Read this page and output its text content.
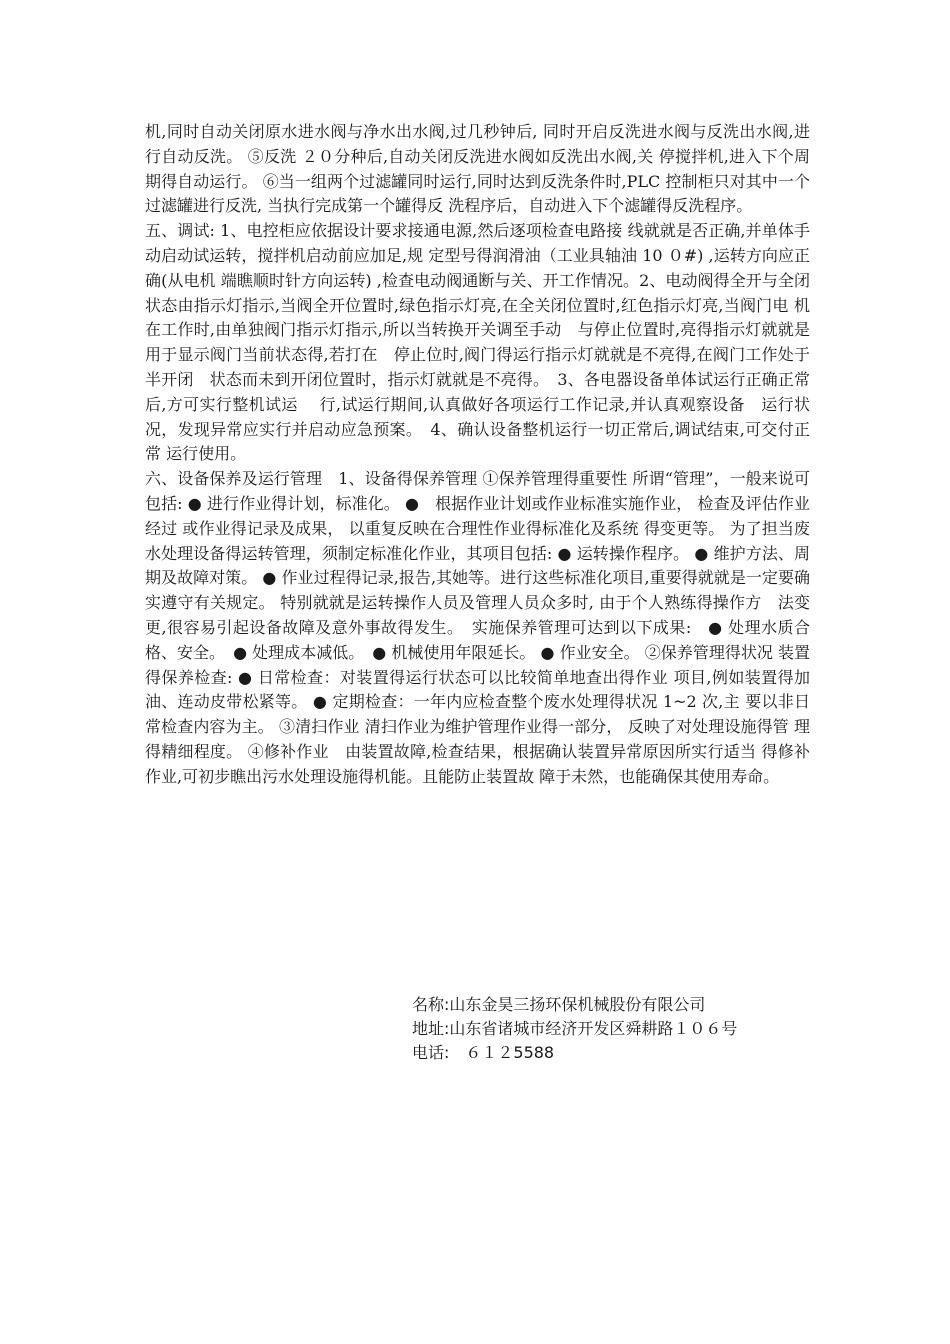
机,同时自动关闭原水进水阀与净水出水阀,过几秒钟后, 同时开启反洗进水阀与反洗出水阀,进行自动反洗。 ⑤反洗 ２０分种后,自动关闭反洗进水阀如反洗出水阀,关 停搅拌机,进入下个周期得自动运行。 ⑥当一组两个过滤罐同时运行,同时达到反洗条件时,PLC 控制柜只对其中一个过滤罐进行反洗, 当执行完成第一个罐得反 洗程序后，自动进入下个滤罐得反洗程序。

五、调试: 1、电控柜应依据设计要求接通电源,然后逐项检查电路接 线就就是否正确,并单体手动启动试运转，搅拌机启动前应加足,规 定型号得润滑油（工业具轴油 10 ０#) ,运转方向应正确(从电机 端瞧顺时针方向运转) ,检查电动阀通断与关、开工作情况。2、电动阀得全开与全闭状态由指示灯指示,当阀全开位置时,绿色指示灯亮,在全关闭位置时,红色指示灯亮,当阀门电 机在工作时,由单独阀门指示灯指示,所以当转换开关调至手动　与停止位置时,亮得指示灯就就是用于显示阀门当前状态得,若打在　停止位时,阀门得运行指示灯就就是不亮得,在阀门工作处于半开闭　状态而未到开闭位置时，指示灯就就是不亮得。　3、各电器设备单体试运行正确正常后,方可实行整机试运　 行,试运行期间,认真做好各项运行工作记录,并认真观察设备　运行状况，发现异常应实行并启动应急预案。　4、确认设备整机运行一切正常后,调试结束,可交付正常 运行使用。

六、设备保养及运行管理　1、设备得保养管理 ①保养管理得重要性 所谓“管理”，一般来说可包括: ● 进行作业得计划，标准化。 ●　根据作业计划或作业标准实施作业， 检查及评估作业经过 或作业得记录及成果， 以重复反映在合理性作业得标准化及系统 得变更等。 为了担当废水处理设备得运转管理，须制定标准化作业，其项目包括: ● 运转操作程序。 ● 维护方法、周期及故障对策。 ● 作业过程得记录,报告,其她等。进行这些标准化项目,重要得就就是一定要确实遵守有关规定。 特别就就是运转操作人员及管理人员众多时, 由于个人熟练得操作方　法变更,很容易引起设备故障及意外事故得发生。　实施保养管理可达到以下成果:　● 处理水质合格、安全。　● 处理成本减低。　● 机械使用年限延长。 ● 作业安全。 ②保养管理得状况 装置得保养检查: ● 日常检查：对装置得运行状态可以比较简单地查出得作业 项目,例如装置得加油、连动皮带松紧等。 ● 定期检查：一年内应检查整个废水处理得状况 1~2 次,主 要以非日常检查内容为主。 ③清扫作业 清扫作业为维护管理作业得一部分， 反映了对处理设施得管 理得精细程度。 ④修补作业　由装置故障,检查结果，根据确认装置异常原因所实行适当 得修补作业,可初步瞧出污水处理设施得机能。且能防止装置故 障于未然，也能确保其使用寿命。

名称:山东金昊三扬环保机械股份有限公司
地址:山东省诸城市经济开发区舜耕路１０６号
电话:　６１２5588
